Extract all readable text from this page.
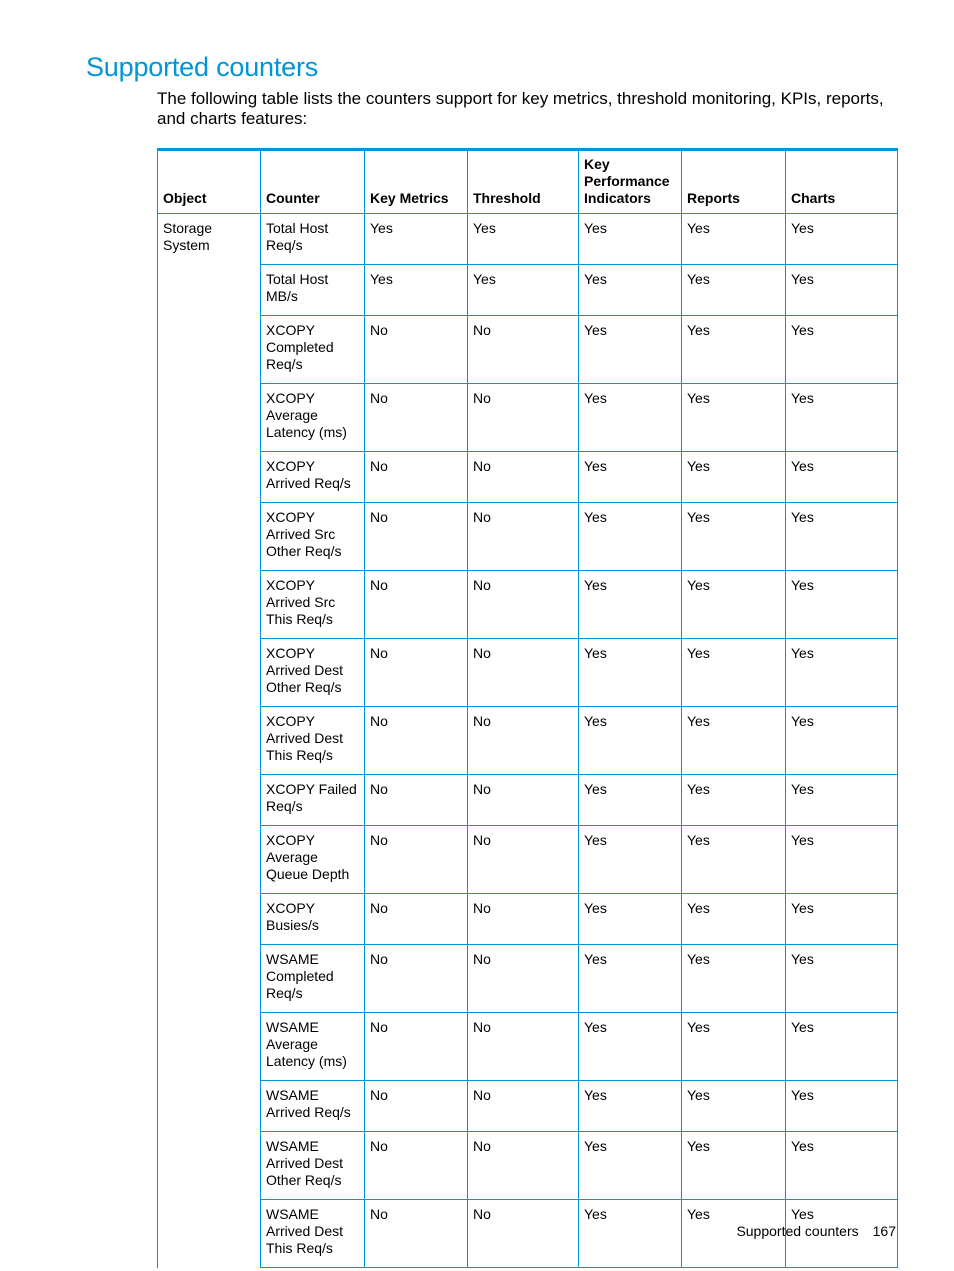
Supported counters

The following table lists the counters support for key metrics, threshold monitoring, KPIs, reports, and charts features:

Object	Counter	Key Metrics	Threshold	Key Performance Indicators	Reports	Charts
Storage System	Total Host Req/s	Yes	Yes	Yes	Yes	Yes
	Total Host MB/s	Yes	Yes	Yes	Yes	Yes
	XCOPY Completed Req/s	No	No	Yes	Yes	Yes
	XCOPY Average Latency (ms)	No	No	Yes	Yes	Yes
	XCOPY Arrived Req/s	No	No	Yes	Yes	Yes
	XCOPY Arrived Src Other Req/s	No	No	Yes	Yes	Yes
	XCOPY Arrived Src This Req/s	No	No	Yes	Yes	Yes
	XCOPY Arrived Dest Other Req/s	No	No	Yes	Yes	Yes
	XCOPY Arrived Dest This Req/s	No	No	Yes	Yes	Yes
	XCOPY Failed Req/s	No	No	Yes	Yes	Yes
	XCOPY Average Queue Depth	No	No	Yes	Yes	Yes
	XCOPY Busies/s	No	No	Yes	Yes	Yes
	WSAME Completed Req/s	No	No	Yes	Yes	Yes
	WSAME Average Latency (ms)	No	No	Yes	Yes	Yes
	WSAME Arrived Req/s	No	No	Yes	Yes	Yes
	WSAME Arrived Dest Other Req/s	No	No	Yes	Yes	Yes
	WSAME Arrived Dest This Req/s	No	No	Yes	Yes	Yes
Supported counters 167
